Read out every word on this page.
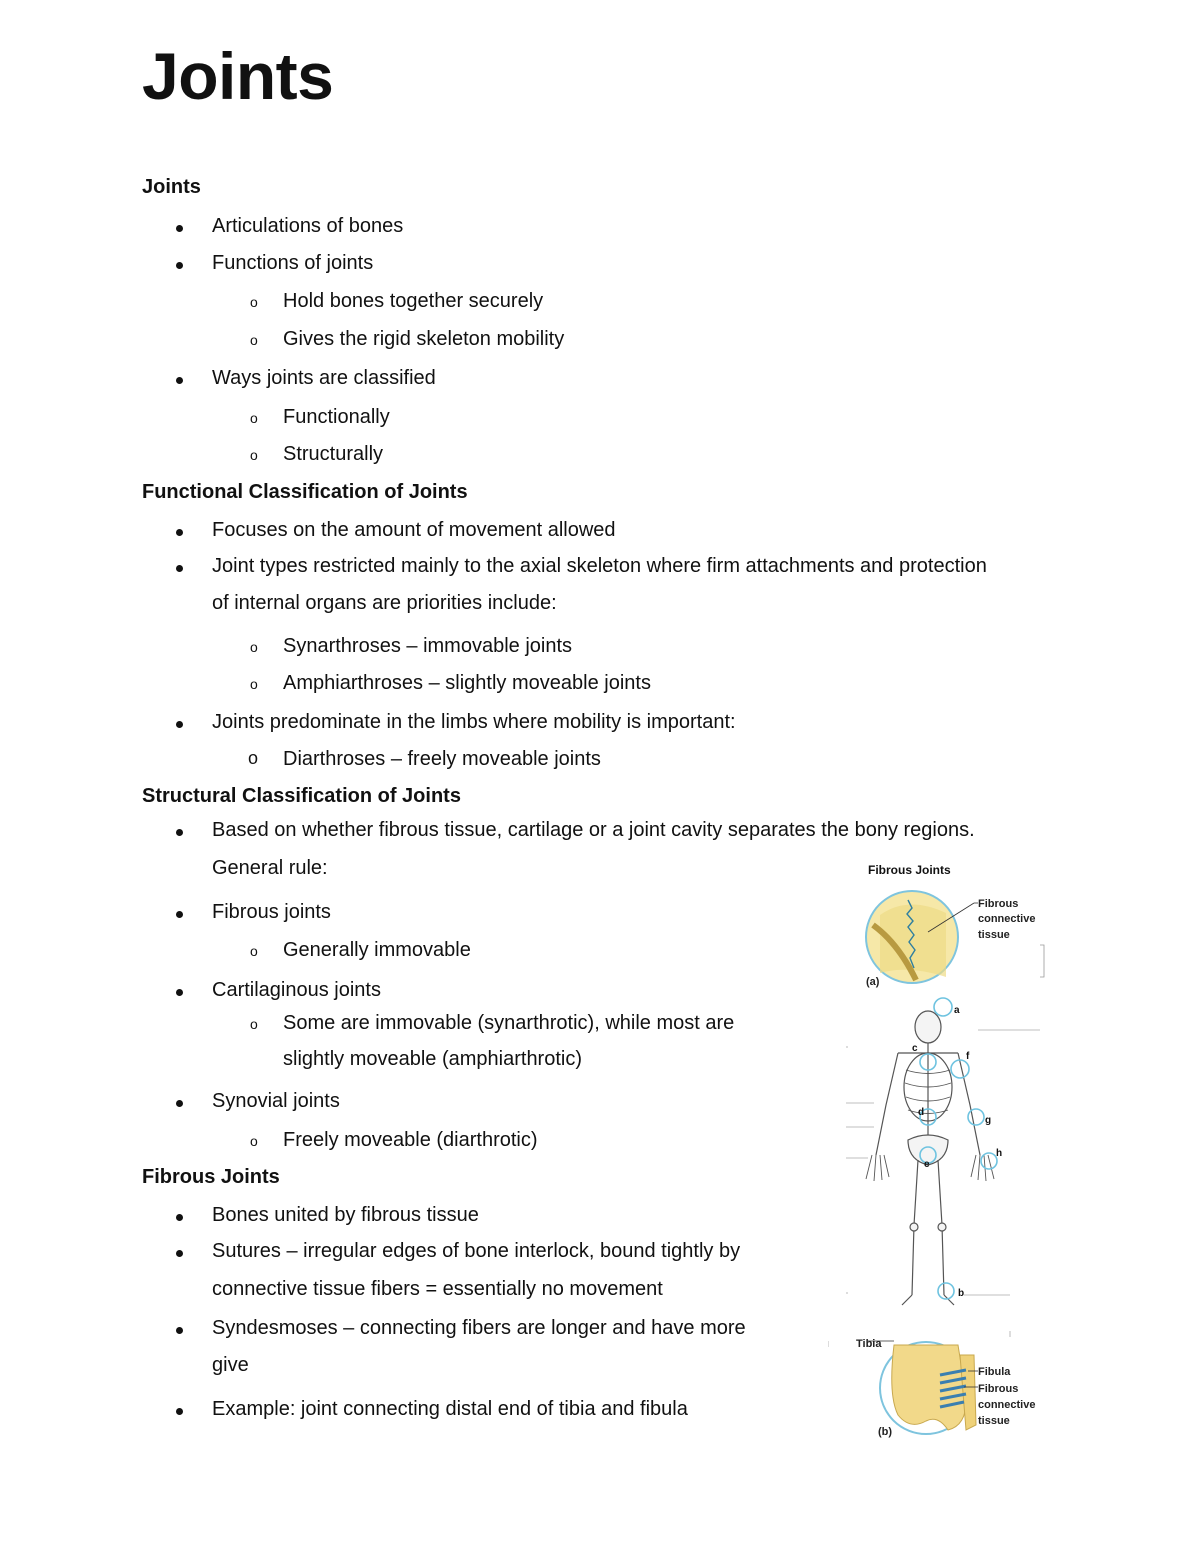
Joints
Joints
Articulations of bones
Functions of joints
o Hold bones together securely
o Gives the rigid skeleton mobility
Ways joints are classified
o Functionally
o Structurally
Functional Classification of Joints
Focuses on the amount of movement allowed
Joint types restricted mainly to the axial skeleton where firm attachments and protection
of internal organs are priorities include:
o Synarthroses – immovable joints
o Amphiarthroses – slightly moveable joints
Joints predominate in the limbs where mobility is important:
o Diarthroses – freely moveable joints
Structural Classification of Joints
Based on whether fibrous tissue, cartilage or a joint cavity separates the bony regions.
General rule:
Fibrous joints
o Generally immovable
Cartilaginous joints
o Some are immovable (synarthrotic), while most are
slightly moveable (amphiarthrotic)
Synovial joints
o Freely moveable (diarthrotic)
Fibrous Joints
Bones united by fibrous tissue
Sutures – irregular edges of bone interlock, bound tightly by
connective tissue fibers = essentially no movement
Syndesmoses – connecting fibers are longer and have more
give
Example: joint connecting distal end of tibia and fibula
Fibrous Joints
Fibrous
connective
tissue
(a)
a
b
c
d
e
f
g
h
Tibia
Fibula
Fibrous
connective
tissue
(b)
